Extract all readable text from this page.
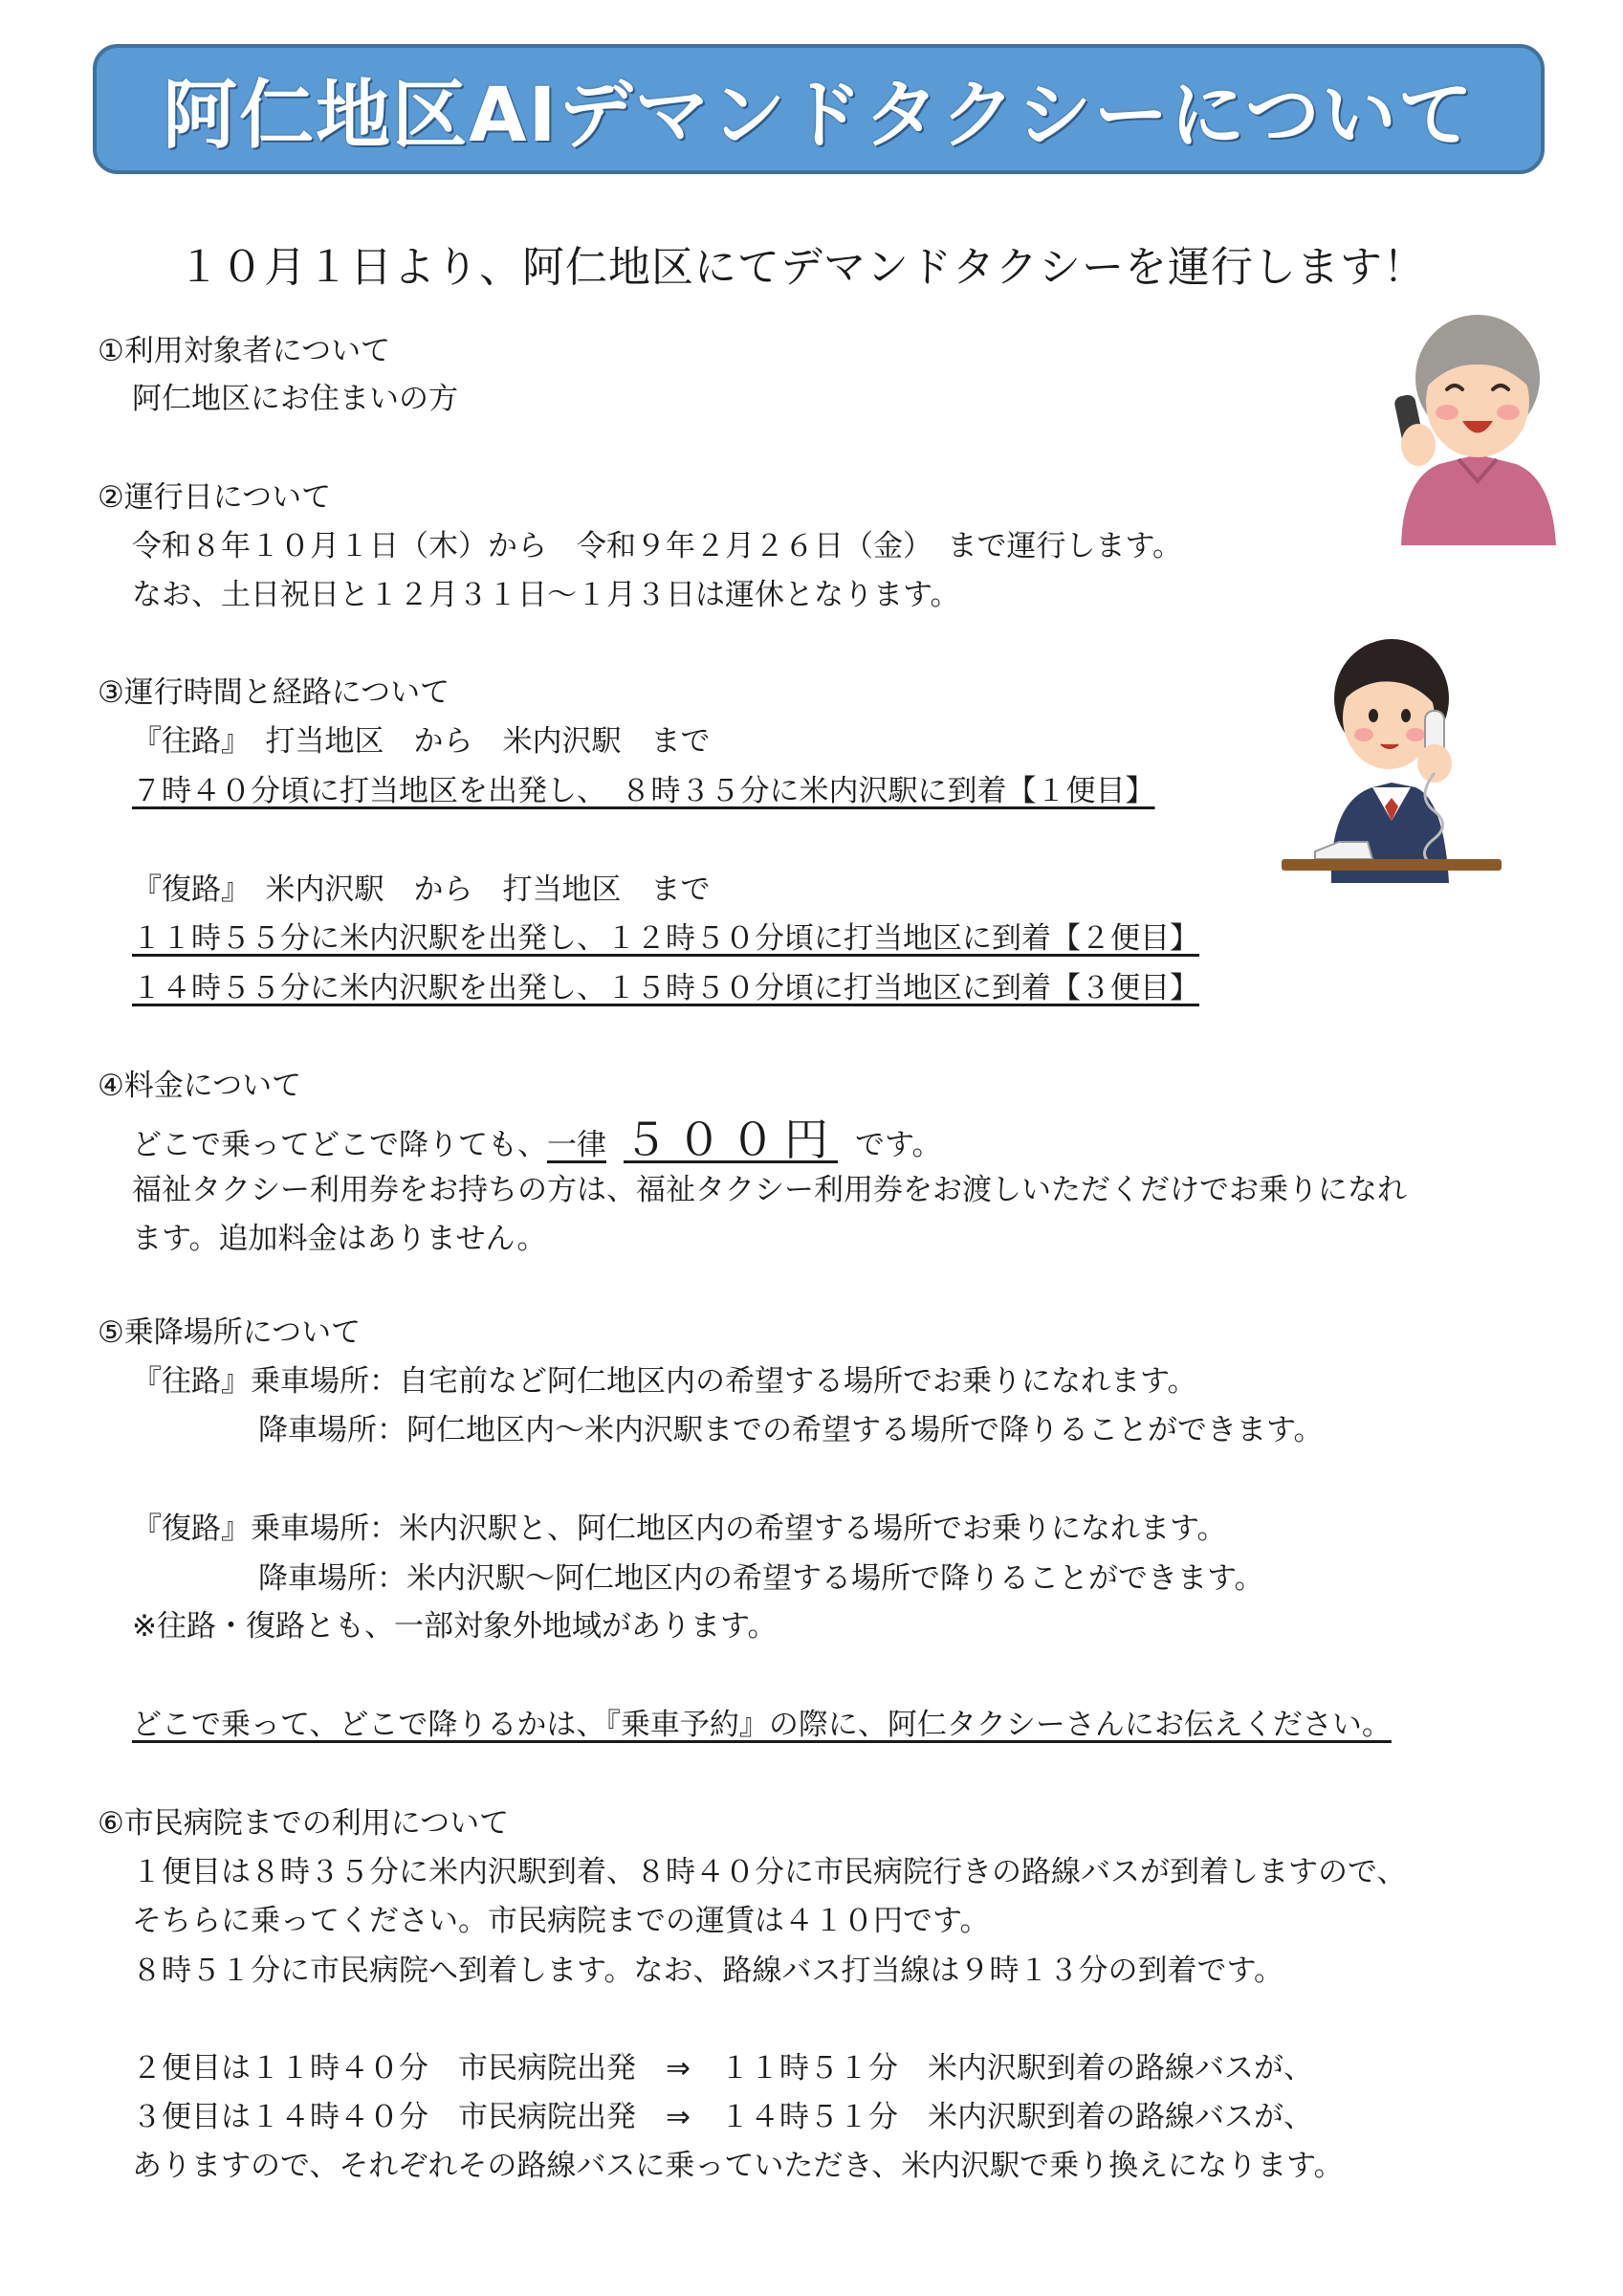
阿仁地区AIデマンドタクシーについて
１０月１日より、阿仁地区にてデマンドタクシーを運行します！
①利用対象者について
阿仁地区にお住まいの方
②運行日について
令和８年１０月１日（木）から　令和９年２月２６日（金）　まで運行します。
なお、土日祝日と１２月３１日～１月３日は運休となります。
③運行時間と経路について
『往路』　打当地区　から　米内沢駅　まで
７時４０分頃に打当地区を出発し、　８時３５分に米内沢駅に到着【１便目】
『復路』　米内沢駅　から　打当地区　まで
１１時５５分に米内沢駅を出発し、１２時５０分頃に打当地区に到着【２便目】
１４時５５分に米内沢駅を出発し、１５時５０分頃に打当地区に到着【３便目】
④料金について
どこで乗ってどこで降りても、一律 ５００円 です。
福祉タクシー利用券をお持ちの方は、福祉タクシー利用券をお渡しいただくだけでお乗りになれ
ます。追加料金はありません。
⑤乗降場所について
『往路』乗車場所：自宅前など阿仁地区内の希望する場所でお乗りになれます。
降車場所：阿仁地区内～米内沢駅までの希望する場所で降りることができます。
『復路』乗車場所：米内沢駅と、阿仁地区内の希望する場所でお乗りになれます。
降車場所：米内沢駅～阿仁地区内の希望する場所で降りることができます。
※往路・復路とも、一部対象外地域があります。
どこで乗って、どこで降りるかは、『乗車予約』の際に、阿仁タクシーさんにお伝えください。
⑥市民病院までの利用について
１便目は８時３５分に米内沢駅到着、８時４０分に市民病院行きの路線バスが到着しますので、
そちらに乗ってください。市民病院までの運賃は４１０円です。
８時５１分に市民病院へ到着します。なお、路線バス打当線は９時１３分の到着です。
２便目は１１時４０分　市民病院出発　⇒　１１時５１分　米内沢駅到着の路線バスが、
３便目は１４時４０分　市民病院出発　⇒　１４時５１分　米内沢駅到着の路線バスが、
ありますので、それぞれその路線バスに乗っていただき、米内沢駅で乗り換えになります。
